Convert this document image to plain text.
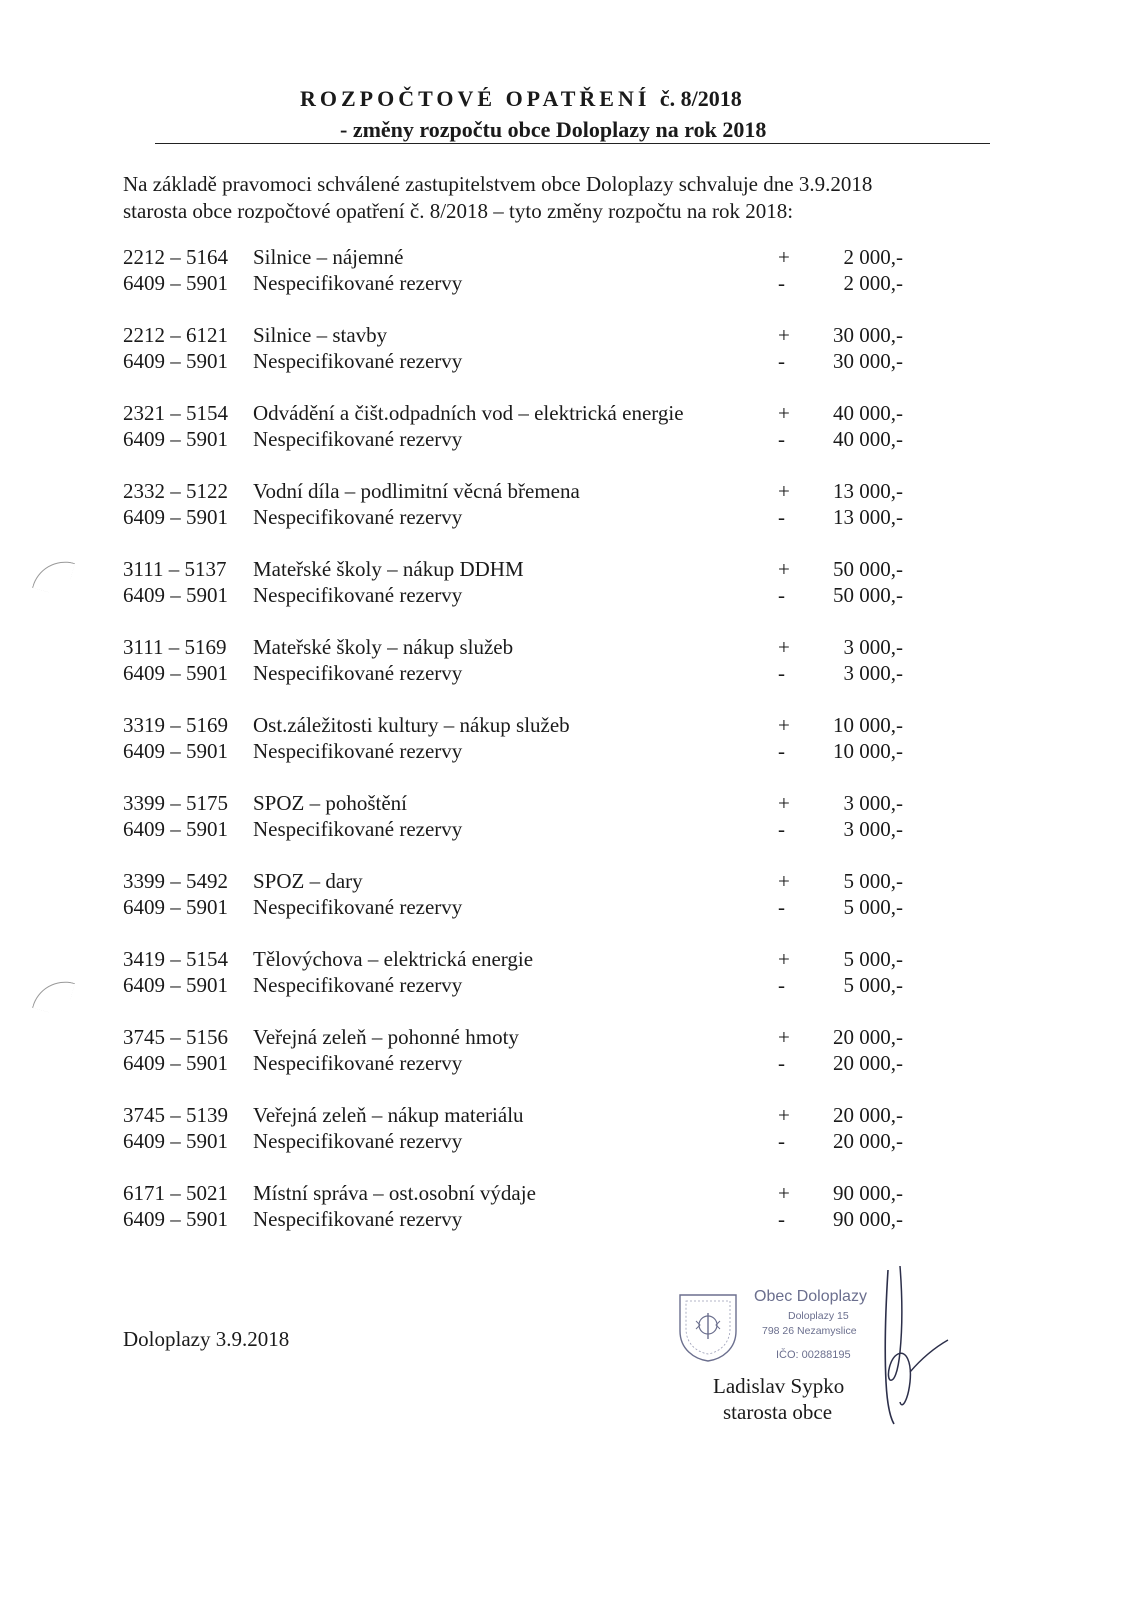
ROZPOČTOVÉ OPATŘENÍ č. 8/2018
- změny rozpočtu obce Doloplazy na rok 2018

Na základě pravomoci schválené zastupitelstvem obce Doloplazy schvaluje dne 3.9.2018

starosta obce rozpočtové opatření č. 8/2018 – tyto změny rozpočtu na rok 2018:

2212 – 5164 Silnice – nájemné	+	2 000,-
6409 – 5901 Nespecifikované rezervy	-	2 000,-
2212 – 6121 Silnice – stavby	+ 30 000,-
6409 – 5901 Nespecifikované rezervy	- 30 000,-
2321 – 5154 Odvádění a čišt.odpadních vod – elektrická energie	+ 40 000,-
6409 – 5901 Nespecifikované rezervy	- 40 000,-
2332 – 5122 Vodní díla – podlimitní věcná břemena	+ 13 000,-
6409 – 5901 Nespecifikované rezervy	- 13 000,-
3111 – 5137 Mateřské školy – nákup DDHM	+ 50 000,-
6409 – 5901 Nespecifikované rezervy	- 50 000,-
3111 – 5169 Mateřské školy – nákup služeb	+	3 000,-
6409 – 5901 Nespecifikované rezervy	-	3 000,-
3319 – 5169 Ost.záležitosti kultury – nákup služeb	+ 10 000,-
6409 – 5901 Nespecifikované rezervy	- 10 000,-
3399 – 5175 SPOZ – pohoštění	+	3 000,-
6409 – 5901 Nespecifikované rezervy	-	3 000,-
3399 – 5492 SPOZ – dary	+	5 000,-
6409 – 5901 Nespecifikované rezervy	-	5 000,-
3419 – 5154 Tělovýchova – elektrická energie	+	5 000,-
6409 – 5901 Nespecifikované rezervy	-	5 000,-
3745 – 5156 Veřejná zeleň – pohonné hmoty	+ 20 000,-
6409 – 5901 Nespecifikované rezervy	- 20 000,-
3745 – 5139 Veřejná zeleň – nákup materiálu	+ 20 000,-
6409 – 5901 Nespecifikované rezervy	- 20 000,-
6171 – 5021 Místní správa – ost.osobní výdaje	+ 90 000,-
6409 – 5901 Nespecifikované rezervy	- 90 000,-
Doloplazy 3.9.2018
Obec Doloplazy
Doloplazy 15
798 26 Nezamyslice
IČO: 00288195
Ladislav Sypko
starosta obce
